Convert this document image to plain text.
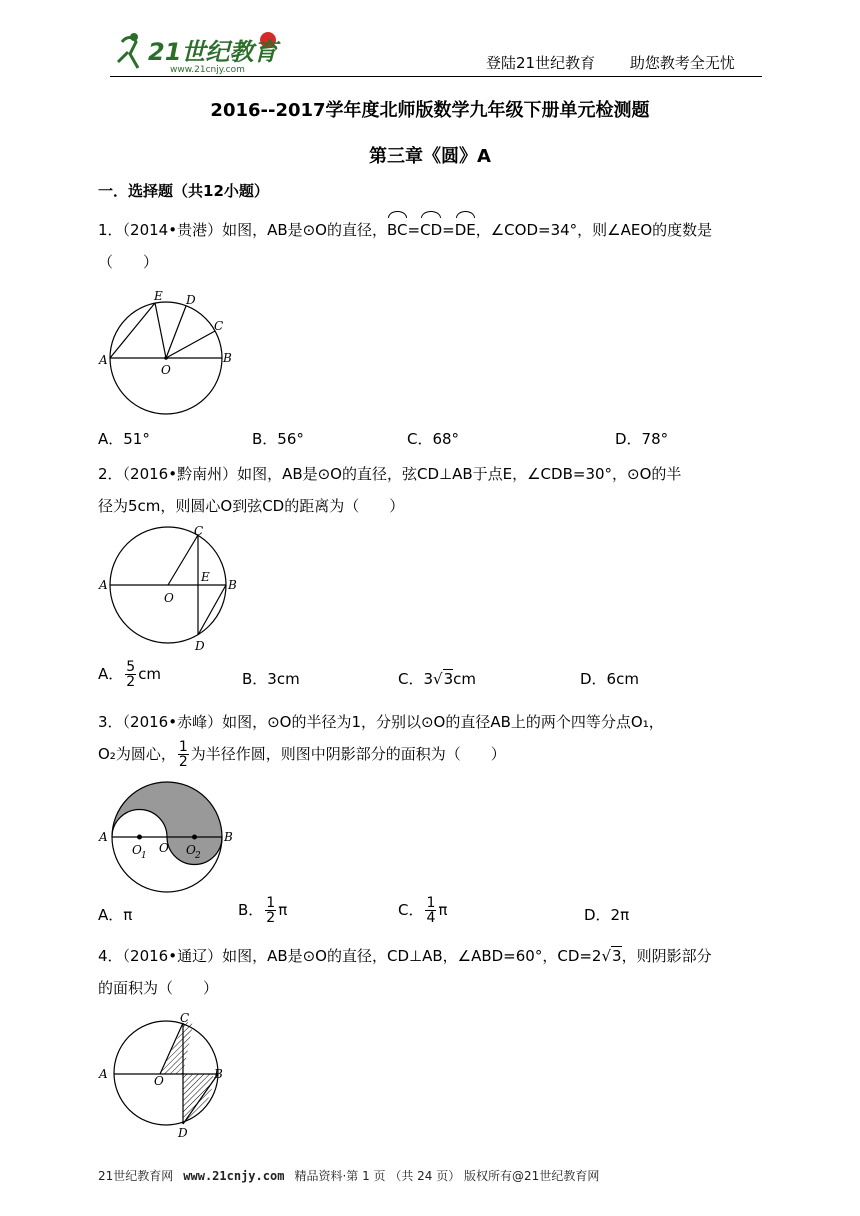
21世纪教育
www.21cnjy.com	登陆21世纪教育 助您教考全无忧
2016--2017学年度北师版数学九年级下册单元检测题
第三章《圆》A
一．选择题（共12小题）
1．（2014•贵港）如图，AB是⊙O的直径，BC=CD=DE，∠COD=34°，则∠AEO的度数是
（　　）
A	B
O
E D
C
A．51°	B．56°	C．68°	D．78°
2．（2016•黔南州）如图，AB是⊙O的直径，弦CD⊥AB于点E，∠CDB=30°，⊙O的半
径为5cm，则圆心O到弦CD的距离为（　　）
A	B
O
C
D
E
A． $\frac{5}{2}$ cm	B．3cm	C．3√3cm	D．6cm
3．（2016•赤峰）如图，⊙O的半径为1，分别以⊙O的直径AB上的两个四等分点O₁，
O₂为圆心， $\frac{1}{2}$ 为半径作圆，则图中阴影部分的面积为（　　）
A	B
O
O 1	O 2
A．π	B． $\frac{1}{2}$ π	C． $\frac{1}{4}$ π	D．2π
4．（2016•通辽）如图，AB是⊙O的直径，CD⊥AB，∠ABD=60°，CD=2√3，则阴影部分
的面积为（　　）
A	B
O
C
D
21世纪教育网 www.21cnjy.com 精品资料·第 1 页 （共 24 页） 版权所有@21世纪教育网
